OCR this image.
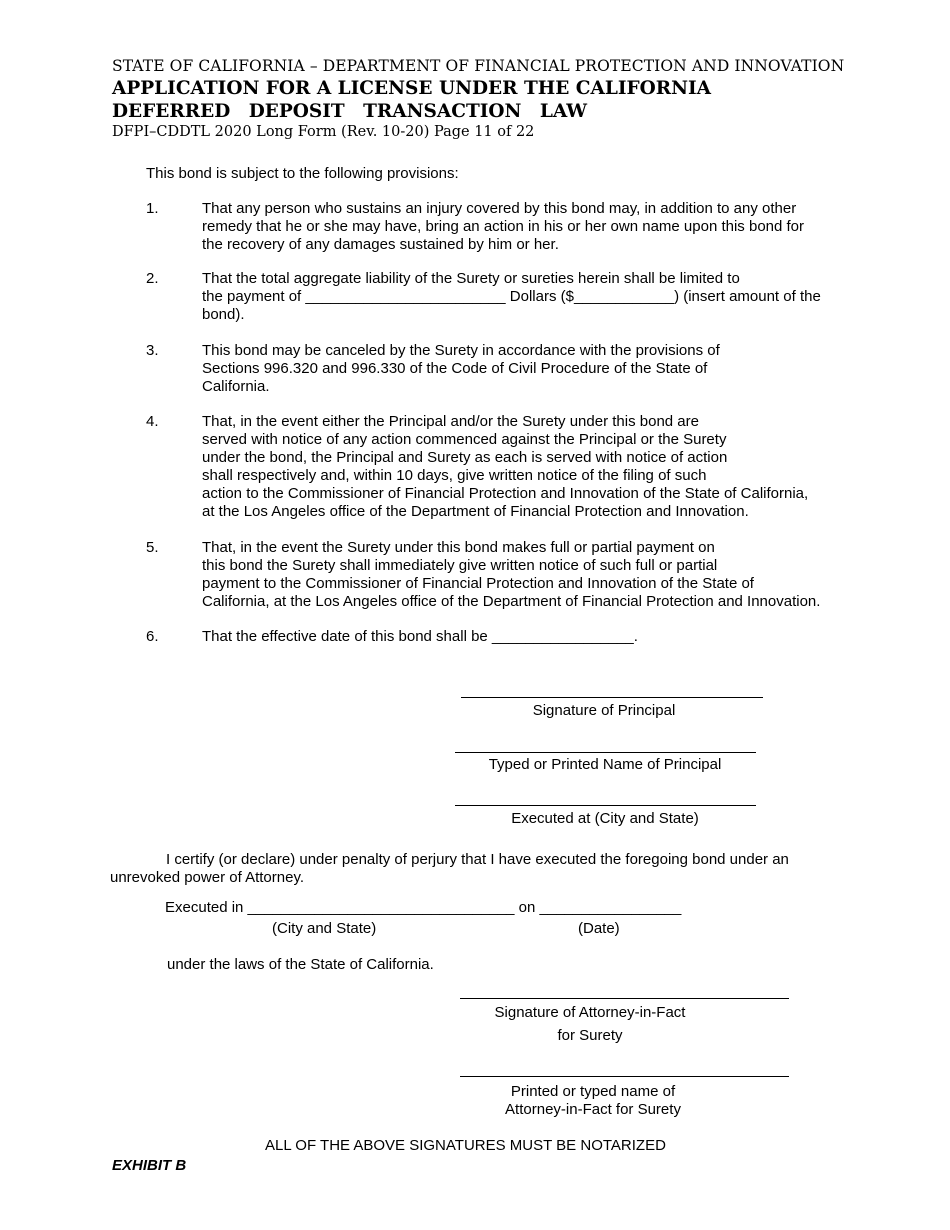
STATE OF CALIFORNIA – DEPARTMENT OF FINANCIAL PROTECTION AND INNOVATION
APPLICATION FOR A LICENSE UNDER THE CALIFORNIA
DEFERRED DEPOSIT TRANSACTION LAW
DFPI–CDDTL 2020 Long Form (Rev. 10-20) Page 11 of 22
This bond is subject to the following provisions:
1.	That any person who sustains an injury covered by this bond may, in addition to any other
remedy that he or she may have, bring an action in his or her own name upon this bond for
the recovery of any damages sustained by him or her.
2.	That the total aggregate liability of the Surety or sureties herein shall be limited to
the payment of ________________________ Dollars ($____________) (insert amount of the
bond).
3.	This bond may be canceled by the Surety in accordance with the provisions of
Sections 996.320 and 996.330 of the Code of Civil Procedure of the State of
California.
4.	That, in the event either the Principal and/or the Surety under this bond are
served with notice of any action commenced against the Principal or the Surety
under the bond, the Principal and Surety as each is served with notice of action
shall respectively and, within 10 days, give written notice of the filing of such
action to the Commissioner of Financial Protection and Innovation of the State of California,
at the Los Angeles office of the Department of Financial Protection and Innovation.
5.	That, in the event the Surety under this bond makes full or partial payment on
this bond the Surety shall immediately give written notice of such full or partial
payment to the Commissioner of Financial Protection and Innovation of the State of
California, at the Los Angeles office of the Department of Financial Protection and Innovation.
6.	That the effective date of this bond shall be _________________.
Signature of Principal
Typed or Printed Name of Principal
Executed at (City and State)
I certify (or declare) under penalty of perjury that I have executed the foregoing bond under an
unrevoked power of Attorney.
Executed in ________________________________ on _________________
(City and State)	(Date)
under the laws of the State of California.
Signature of Attorney-in-Fact
for Surety
Printed or typed name of
Attorney-in-Fact for Surety
ALL OF THE ABOVE SIGNATURES MUST BE NOTARIZED
EXHIBIT B
